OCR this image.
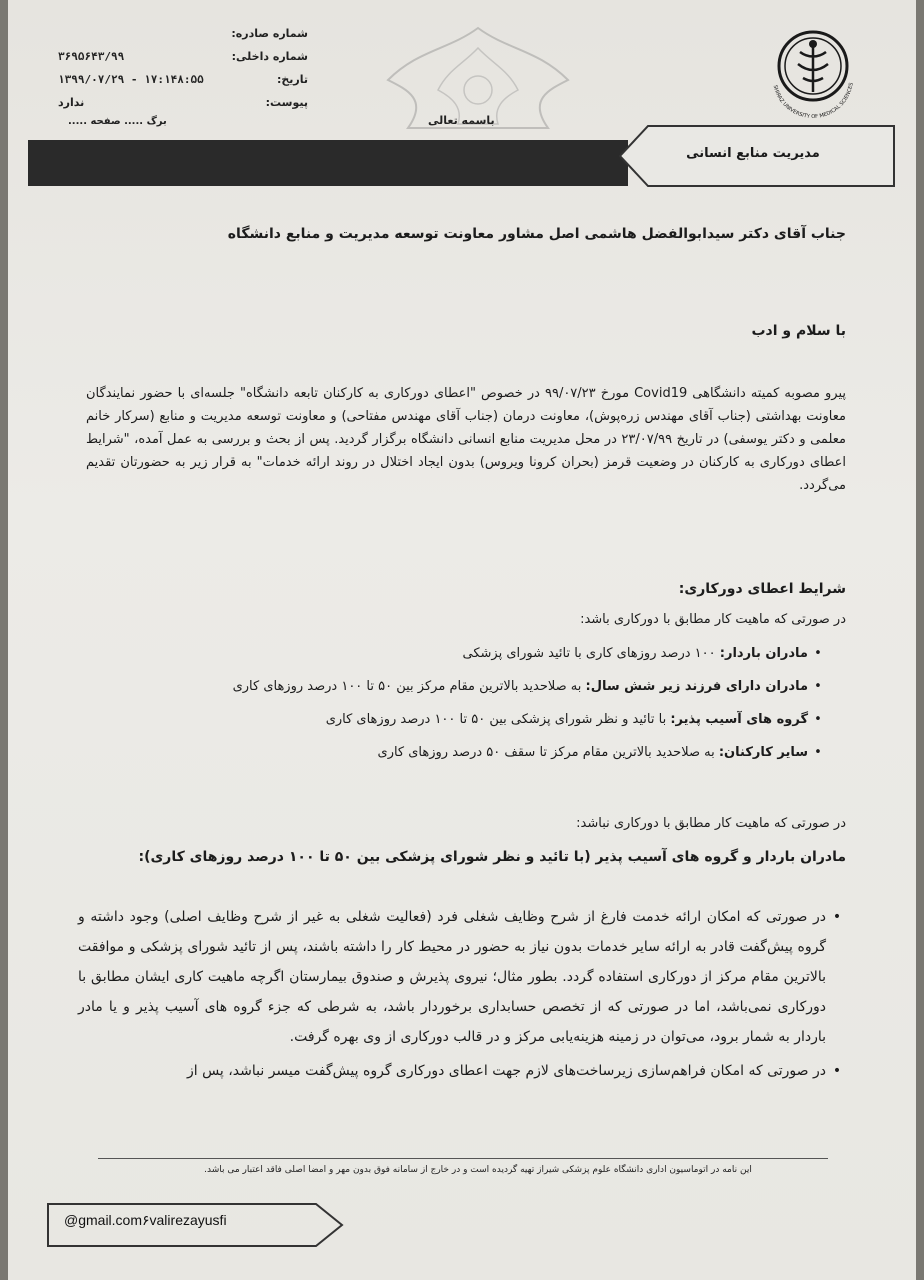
شماره صادره:
شماره داخلی:
۳۶۹۵۶۴۳/۹۹
تاریخ:
۱۳۹۹/۰۷/۲۹ - ۱۷:۱۴۸:۵۵
پیوست:
ندارد
برگ ..... صفحه .....	باسمه تعالی
SHIRAZ UNIVERSITY OF MEDICAL SCIENCES
مدیریت منابع انسانی
جناب آقای دکتر سیدابوالفضل هاشمی اصل مشاور معاونت توسعه مدیریت و منابع دانشگاه
با سلام و ادب
پیرو مصوبه کمیته دانشگاهی Covid19 مورخ ۹۹/۰۷/۲۳ در خصوص "اعطای دورکاری به کارکنان تابعه دانشگاه" جلسه‌ای با حضور نمایندگان معاونت بهداشتی (جناب آقای مهندس زره‌پوش)، معاونت درمان (جناب آقای مهندس مفتاحی) و معاونت توسعه مدیریت و منابع (سرکار خانم معلمی و دکتر یوسفی) در تاریخ ۲۳/۰۷/۹۹ در محل مدیریت منابع انسانی دانشگاه برگزار گردید. پس از بحث و بررسی به عمل آمده، "شرایط اعطای دورکاری به کارکنان در وضعیت قرمز (بحران کرونا ویروس) بدون ایجاد اختلال در روند ارائه خدمات" به قرار زیر به حضورتان تقدیم می‌گردد.
شرایط اعطای دورکاری:
در صورتی که ماهیت کار مطابق با دورکاری باشد:
•
مادران باردار: ۱۰۰ درصد روزهای کاری با تائید شورای پزشکی
•
مادران دارای فرزند زیر شش سال: به صلاحدید بالاترین مقام مرکز بین ۵۰ تا ۱۰۰ درصد روزهای کاری
•
گروه های آسیب پذیر: با تائید و نظر شورای پزشکی بین ۵۰ تا ۱۰۰ درصد روزهای کاری
•
سایر کارکنان: به صلاحدید بالاترین مقام مرکز تا سقف ۵۰ درصد روزهای کاری
در صورتی که ماهیت کار مطابق با دورکاری نباشد:
مادران باردار و گروه های آسیب پذیر (با تائید و نظر شورای پزشکی بین ۵۰ تا ۱۰۰ درصد روزهای کاری):
•
در صورتی که امکان ارائه خدمت فارغ از شرح وظایف شغلی فرد (فعالیت شغلی به غیر از شرح وظایف اصلی) وجود داشته و گروه پیش‌گفت قادر به ارائه سایر خدمات بدون نیاز به حضور در محیط کار را داشته باشند، پس از تائید شورای پزشکی و موافقت بالاترین مقام مرکز از دورکاری استفاده گردد. بطور مثال؛ نیروی پذیرش و صندوق بیمارستان اگرچه ماهیت کاری ایشان مطابق با دورکاری نمی‌باشد، اما در صورتی که از تخصص حسابداری برخوردار باشد، به شرطی که جزء گروه های آسیب پذیر و یا مادر باردار به شمار برود، می‌توان در زمینه هزینه‌یابی مرکز و در قالب دورکاری از وی بهره گرفت.
•
در صورتی که امکان فراهم‌سازی زیرساخت‌های لازم جهت اعطای دورکاری گروه پیش‌گفت میسر نباشد، پس از
این نامه در اتوماسیون اداری دانشگاه علوم پزشکی شیراز تهیه گردیده است و در خارج از سامانه فوق بدون مهر و امضا اصلی فاقد اعتبار می باشد.
@gmail.com۶valirezayusfi
